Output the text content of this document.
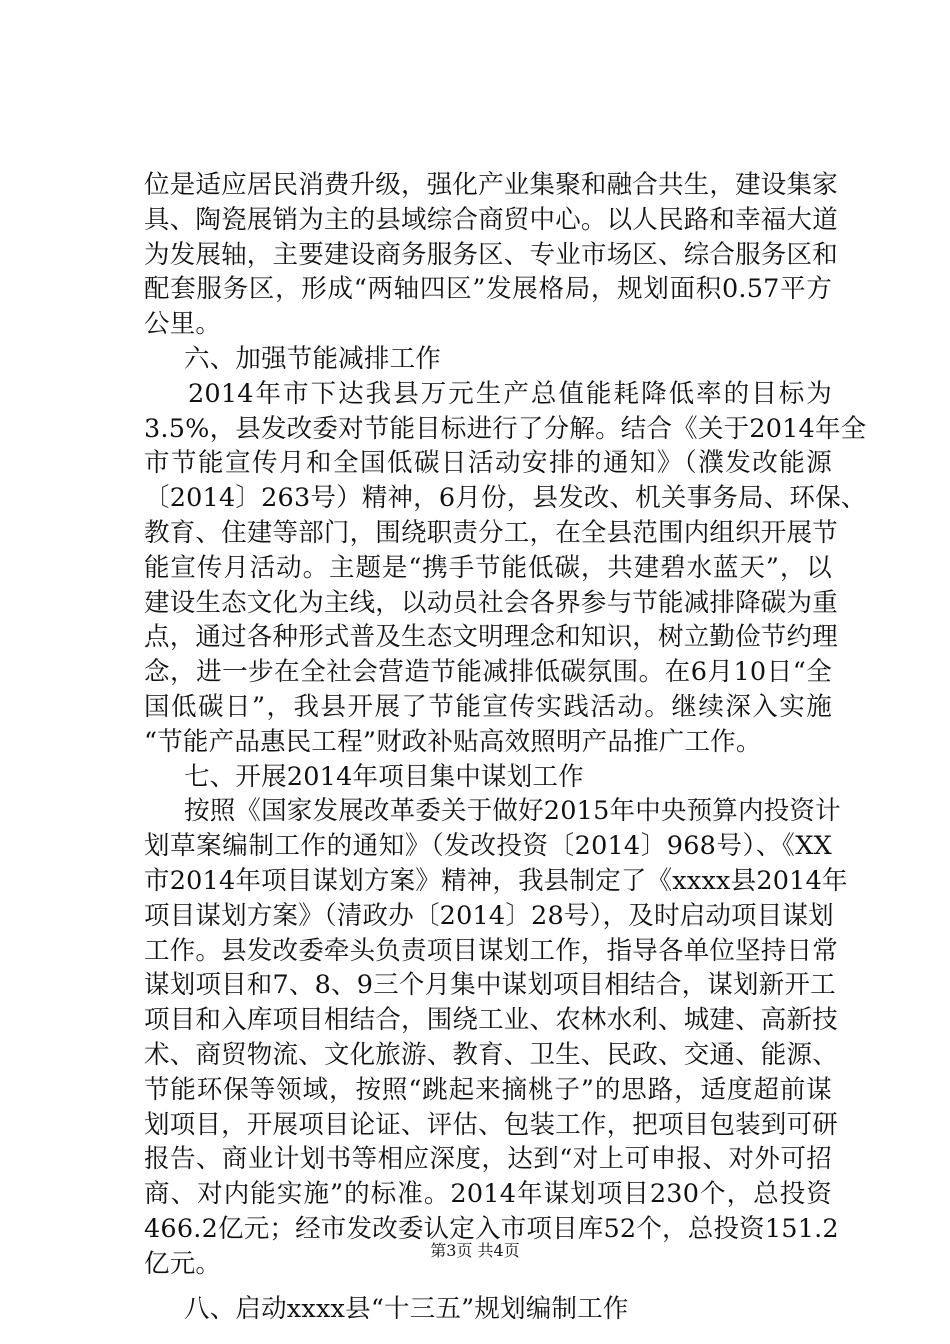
位是适应居民消费升级，强化产业集聚和融合共生，建设集家
具、陶瓷展销为主的县域综合商贸中心。以人民路和幸福大道
为发展轴，主要建设商务服务区、专业市场区、综合服务区和
配套服务区，形成“两轴四区”发展格局，规划面积0.57平方
公里。
六、加强节能减排工作
2014年市下达我县万元生产总值能耗降低率的目标为
3.5%，县发改委对节能目标进行了分解。结合《关于2014年全
市节能宣传月和全国低碳日活动安排的通知》（濮发改能源
〔2014〕263号）精神，6月份，县发改、机关事务局、环保、
教育、住建等部门，围绕职责分工，在全县范围内组织开展节
能宣传月活动。主题是“携手节能低碳，共建碧水蓝天”，以
建设生态文化为主线，以动员社会各界参与节能减排降碳为重
点，通过各种形式普及生态文明理念和知识，树立勤俭节约理
念，进一步在全社会营造节能减排低碳氛围。在6月10日“全
国低碳日”，我县开展了节能宣传实践活动。继续深入实施
“节能产品惠民工程”财政补贴高效照明产品推广工作。
七、开展2014年项目集中谋划工作
按照《国家发展改革委关于做好2015年中央预算内投资计
划草案编制工作的通知》（发改投资〔2014〕968号）、《XX
市2014年项目谋划方案》精神，我县制定了《xxxx县2014年
项目谋划方案》（清政办〔2014〕28号），及时启动项目谋划
工作。县发改委牵头负责项目谋划工作，指导各单位坚持日常
谋划项目和7、8、9三个月集中谋划项目相结合，谋划新开工
项目和入库项目相结合，围绕工业、农林水利、城建、高新技
术、商贸物流、文化旅游、教育、卫生、民政、交通、能源、
节能环保等领域，按照“跳起来摘桃子”的思路，适度超前谋
划项目，开展项目论证、评估、包装工作，把项目包装到可研
报告、商业计划书等相应深度，达到“对上可申报、对外可招
商、对内能实施”的标准。2014年谋划项目230个，总投资
466.2亿元；经市发改委认定入市项目库52个，总投资151.2
亿元。
八、启动xxxx县“十三五”规划编制工作
第3页 共4页
